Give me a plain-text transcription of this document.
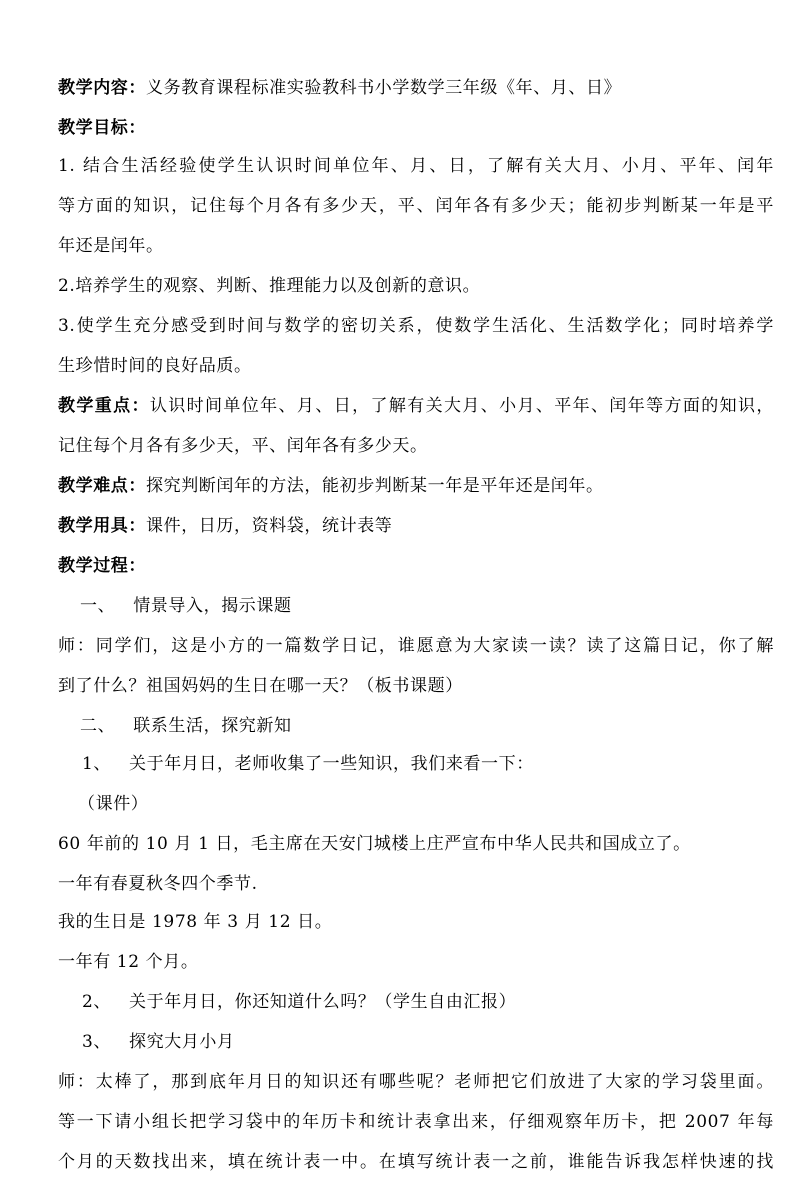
教学内容：义务教育课程标准实验教科书小学数学三年级《年、月、日》
教学目标：
1. 结合生活经验使学生认识时间单位年、月、日，了解有关大月、小月、平年、闰年
等方面的知识，记住每个月各有多少天，平、闰年各有多少天；能初步判断某一年是平
年还是闰年。
2.培养学生的观察、判断、推理能力以及创新的意识。
3.使学生充分感受到时间与数学的密切关系，使数学生活化、生活数学化；同时培养学
生珍惜时间的良好品质。
教学重点：认识时间单位年、月、日，了解有关大月、小月、平年、闰年等方面的知识，
记住每个月各有多少天，平、闰年各有多少天。
教学难点：探究判断闰年的方法，能初步判断某一年是平年还是闰年。
教学用具：课件，日历，资料袋，统计表等
教学过程：
一、   情景导入，揭示课题
师：同学们，这是小方的一篇数学日记，谁愿意为大家读一读？读了这篇日记，你了解
到了什么？祖国妈妈的生日在哪一天？（板书课题）
二、   联系生活，探究新知
1、   关于年月日，老师收集了一些知识，我们来看一下：
（课件）
60 年前的 10 月 1 日，毛主席在天安门城楼上庄严宣布中华人民共和国成立了。
一年有春夏秋冬四个季节.
我的生日是 1978 年 3 月 12 日。
一年有 12 个月。
2、   关于年月日，你还知道什么吗？（学生自由汇报）
3、   探究大月小月
师：太棒了，那到底年月日的知识还有哪些呢？老师把它们放进了大家的学习袋里面。
等一下请小组长把学习袋中的年历卡和统计表拿出来，仔细观察年历卡，把 2007 年每
个月的天数找出来，填在统计表一中。在填写统计表一之前，谁能告诉我怎样快速的找
